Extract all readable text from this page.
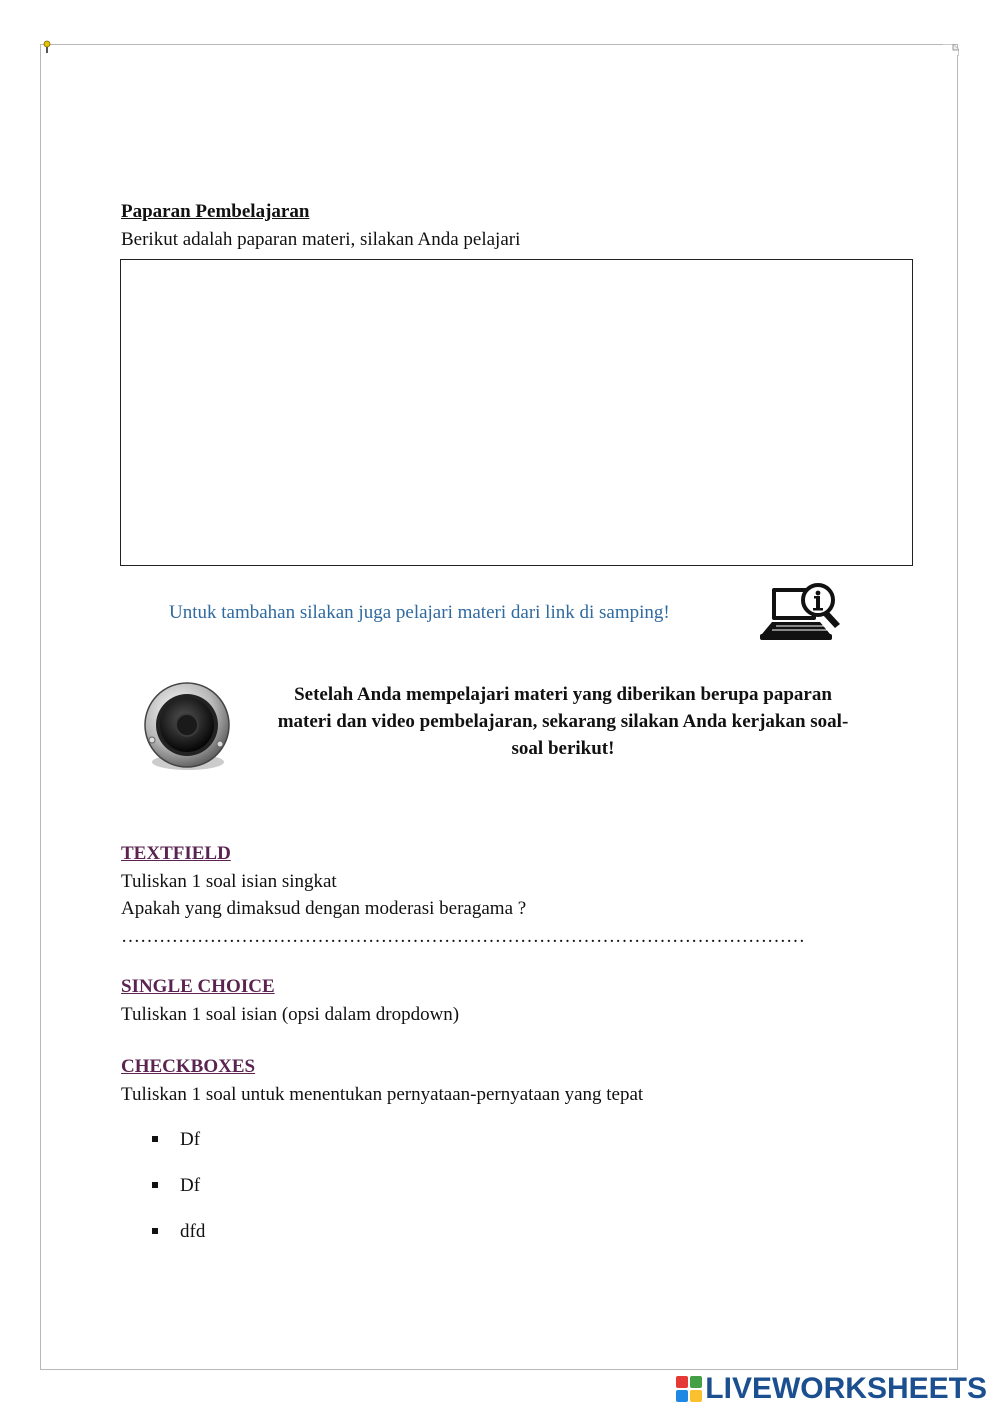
Paparan Pembelajaran
Berikut adalah paparan materi, silakan Anda pelajari
Untuk tambahan silakan juga pelajari materi dari link di samping!
Setelah Anda mempelajari materi yang diberikan berupa paparan
materi dan video pembelajaran, sekarang silakan Anda kerjakan soal-
soal berikut!
TEXTFIELD
Tuliskan 1 soal isian singkat
Apakah yang dimaksud dengan moderasi beragama ?
………………………………………………………………………………………………
SINGLE CHOICE
Tuliskan 1 soal isian (opsi dalam dropdown)
CHECKBOXES
Tuliskan 1 soal untuk menentukan pernyataan-pernyataan yang tepat
Df
Df
dfd
LIVEWORKSHEETS
